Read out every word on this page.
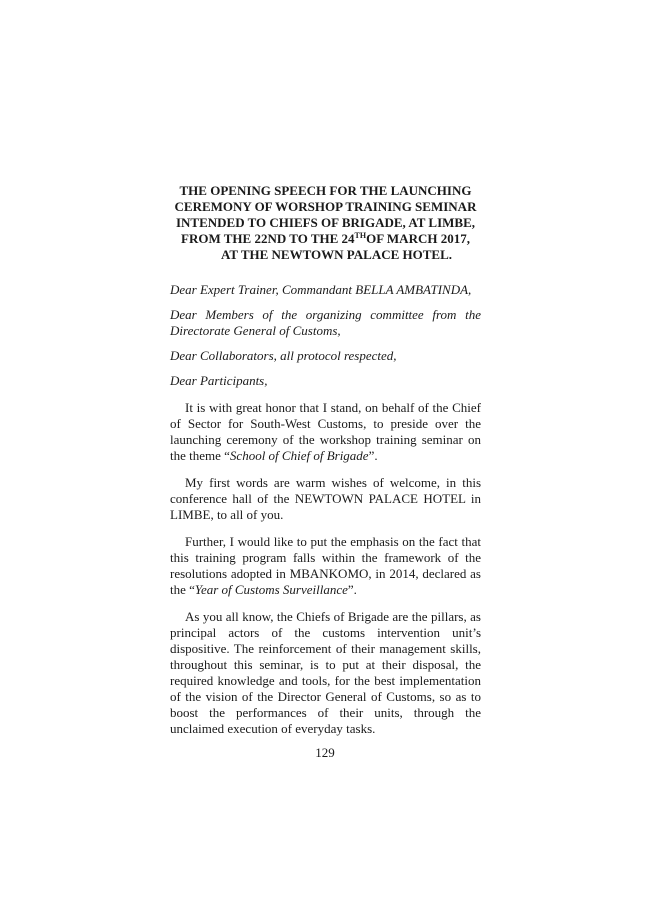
THE OPENING SPEECH FOR THE LAUNCHING
CEREMONY OF WORSHOP TRAINING SEMINAR
INTENDED TO CHIEFS OF BRIGADE, AT LIMBE,
FROM THE 22ND TO THE 24THOF MARCH 2017,
AT THE NEWTOWN PALACE HOTEL.

Dear Expert Trainer, Commandant BELLA AMBATINDA,

Dear Members of the organizing committee from the Directorate General of Customs,

Dear Collaborators, all protocol respected,

Dear Participants,

It is with great honor that I stand, on behalf of the Chief of Sector for South-West Customs, to preside over the launching ceremony of the workshop training seminar on the theme “School of Chief of Brigade”.

My first words are warm wishes of welcome, in this conference hall of the NEWTOWN PALACE HOTEL in LIMBE, to all of you.

Further, I would like to put the emphasis on the fact that this training program falls within the framework of the resolutions adopted in MBANKOMO, in 2014, declared as the “Year of Customs Surveillance”.

As you all know, the Chiefs of Brigade are the pillars, as principal actors of the customs intervention unit’s dispositive. The reinforcement of their management skills, throughout this seminar, is to put at their disposal, the required knowledge and tools, for the best implementation of the vision of the Director General of Customs, so as to boost the performances of their units, through the unclaimed execution of everyday tasks.

129
